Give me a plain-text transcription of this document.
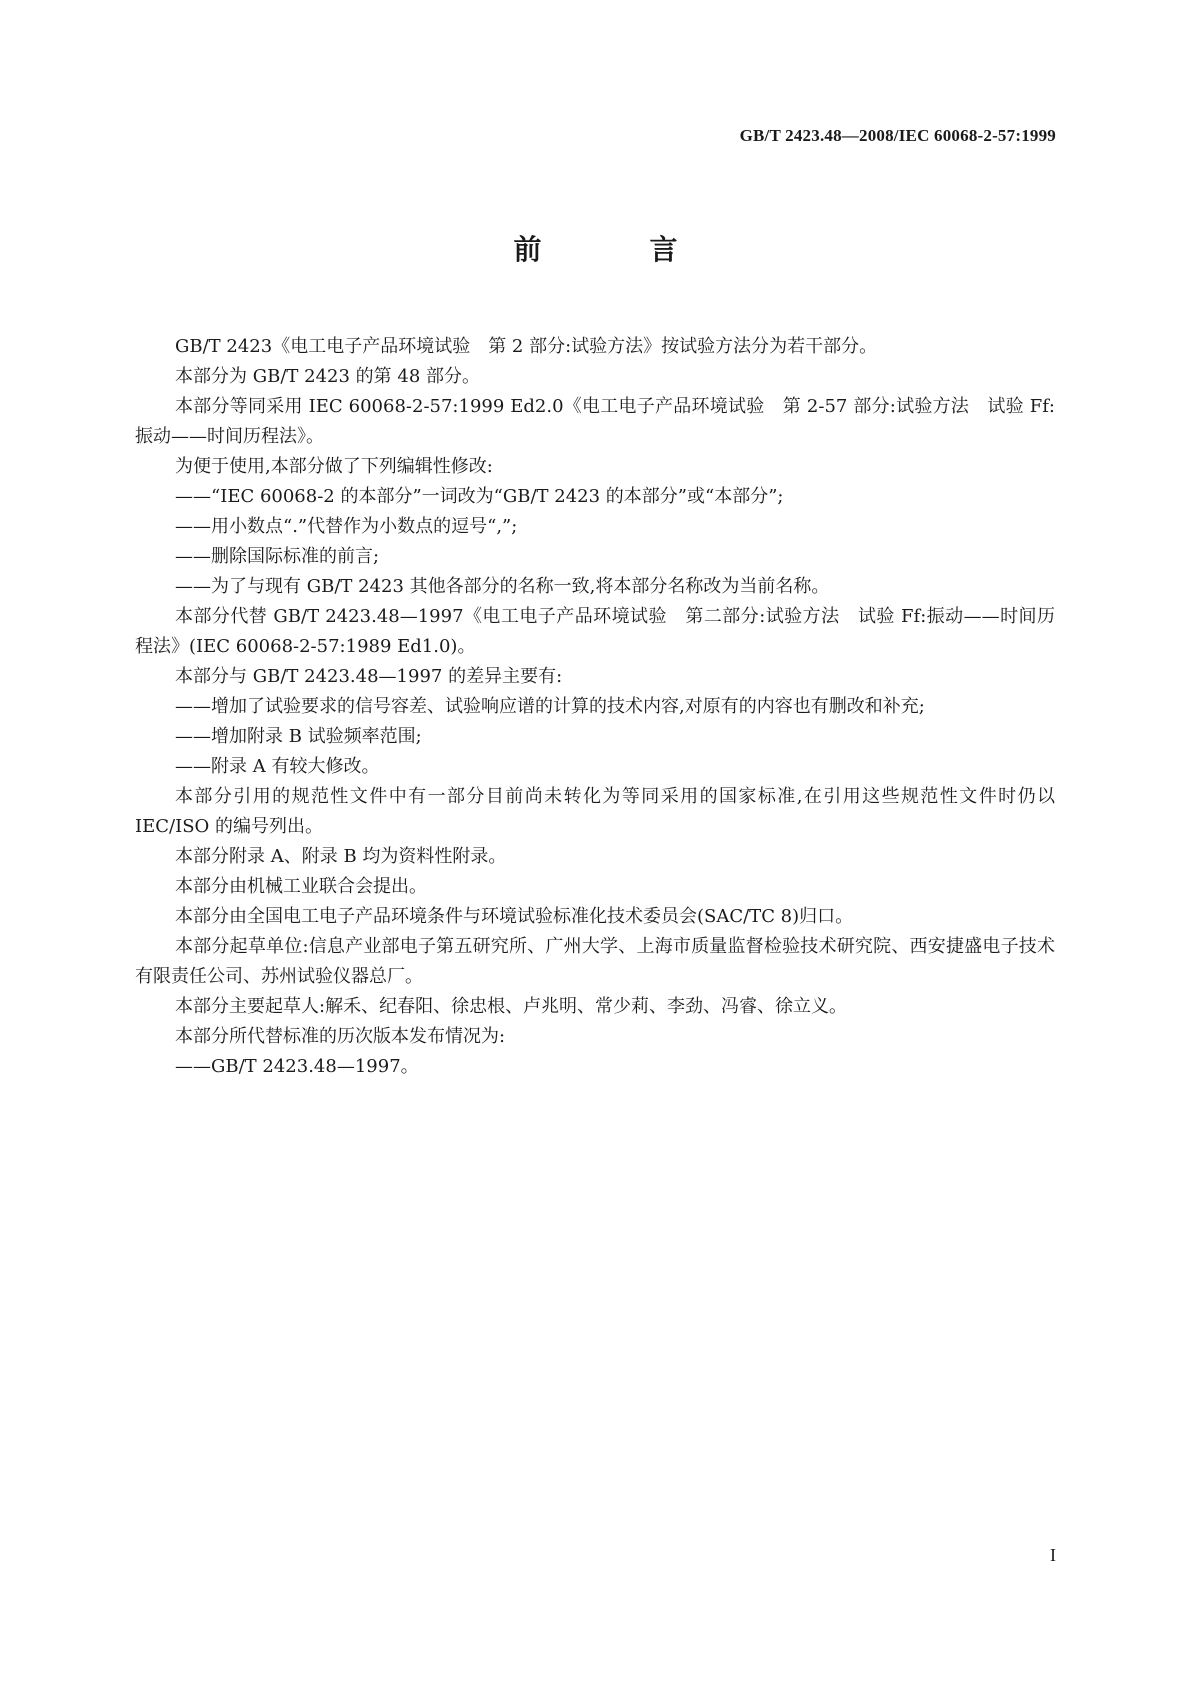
GB/T 2423.48—2008/IEC 60068-2-57:1999
前　言

GB/T 2423《电工电子产品环境试验　第 2 部分:试验方法》按试验方法分为若干部分。

本部分为 GB/T 2423 的第 48 部分。

本部分等同采用 IEC 60068-2-57:1999 Ed2.0《电工电子产品环境试验　第 2-57 部分:试验方法　试验 Ff:振动——时间历程法》。

为便于使用,本部分做了下列编辑性修改:

——“IEC 60068-2 的本部分”一词改为“GB/T 2423 的本部分”或“本部分”;

——用小数点“.”代替作为小数点的逗号“,”;

——删除国际标准的前言;

——为了与现有 GB/T 2423 其他各部分的名称一致,将本部分名称改为当前名称。

本部分代替 GB/T 2423.48—1997《电工电子产品环境试验　第二部分:试验方法　试验 Ff:振动——时间历程法》(IEC 60068-2-57:1989 Ed1.0)。

本部分与 GB/T 2423.48—1997 的差异主要有:

——增加了试验要求的信号容差、试验响应谱的计算的技术内容,对原有的内容也有删改和补充;

——增加附录 B 试验频率范围;

——附录 A 有较大修改。

本部分引用的规范性文件中有一部分目前尚未转化为等同采用的国家标准,在引用这些规范性文件时仍以 IEC/ISO 的编号列出。

本部分附录 A、附录 B 均为资料性附录。

本部分由机械工业联合会提出。

本部分由全国电工电子产品环境条件与环境试验标准化技术委员会(SAC/TC 8)归口。

本部分起草单位:信息产业部电子第五研究所、广州大学、上海市质量监督检验技术研究院、西安捷盛电子技术有限责任公司、苏州试验仪器总厂。

本部分主要起草人:解禾、纪春阳、徐忠根、卢兆明、常少莉、李劲、冯睿、徐立义。

本部分所代替标准的历次版本发布情况为:

——GB/T 2423.48—1997。

I
